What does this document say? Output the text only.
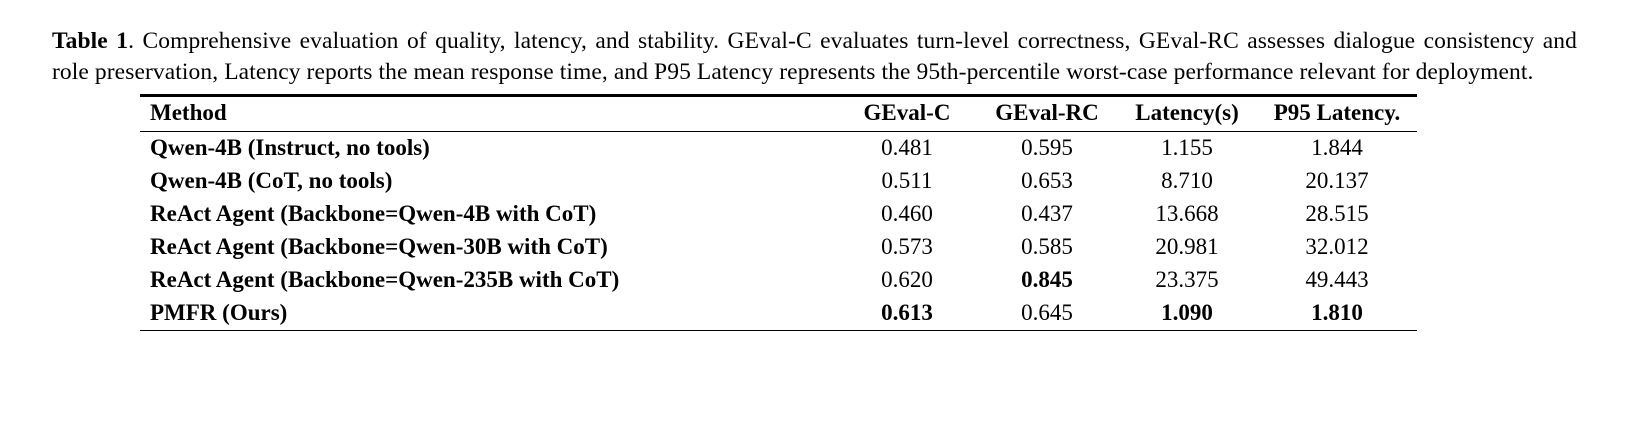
Table 1. Comprehensive evaluation of quality, latency, and stability. GEval-C evaluates turn-level correctness, GEval-RC assesses dialogue consistency and role preservation, Latency reports the mean response time, and P95 Latency represents the 95th-percentile worst-case performance relevant for deployment.

Method	GEval-C	GEval-RC	Latency(s)	P95 Latency.
Qwen-4B (Instruct, no tools)	0.481	0.595	1.155	1.844
Qwen-4B (CoT, no tools)	0.511	0.653	8.710	20.137
ReAct Agent (Backbone=Qwen-4B with CoT)	0.460	0.437	13.668	28.515
ReAct Agent (Backbone=Qwen-30B with CoT)	0.573	0.585	20.981	32.012
ReAct Agent (Backbone=Qwen-235B with CoT)	0.620	0.845	23.375	49.443
PMFR (Ours)	0.613	0.645	1.090	1.810
